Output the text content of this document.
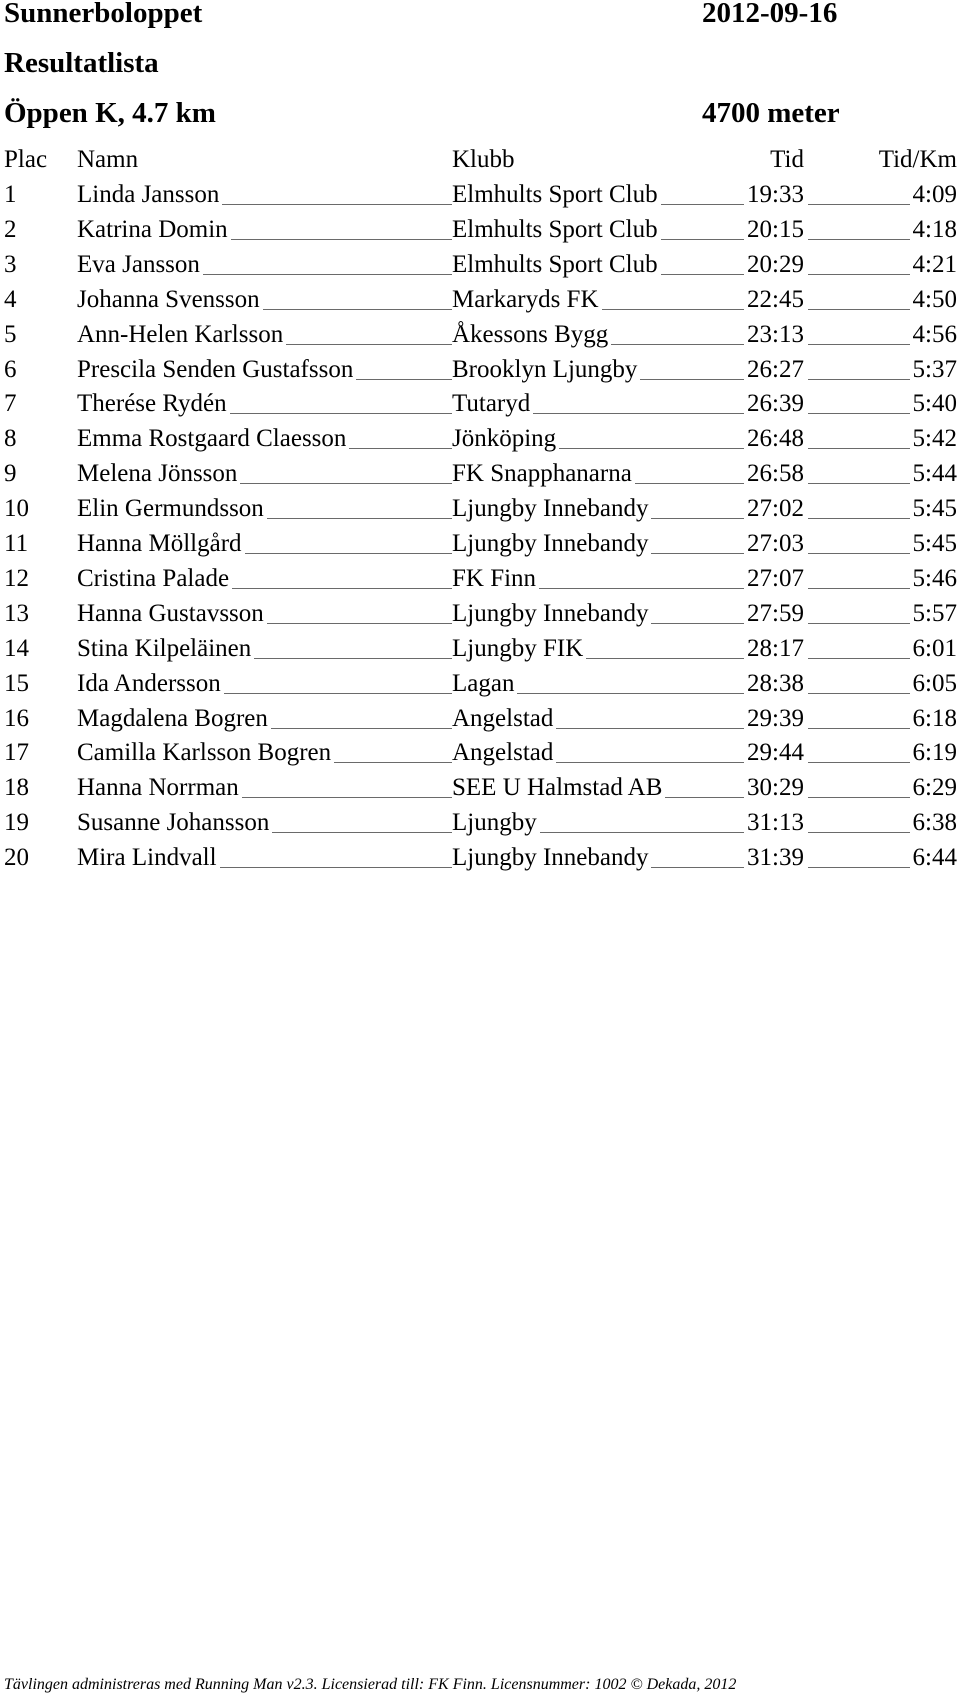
Sunnerboloppet	2012-09-16
Resultatlista
Öppen K, 4.7 km	4700 meter
Plac Namn	Klubb	Tid	Tid/Km
1 Linda Jansson	Elmhults Sport Club	19:33	4:09
2 Katrina Domin	Elmhults Sport Club	20:15	4:18
3 Eva Jansson	Elmhults Sport Club	20:29	4:21
4 Johanna Svensson	Markaryds FK	22:45	4:50
5 Ann-Helen Karlsson	Åkessons Bygg	23:13	4:56
6 Prescila Senden Gustafsson	Brooklyn Ljungby	26:27	5:37
7 Therése Rydén	Tutaryd	26:39	5:40
8 Emma Rostgaard Claesson	Jönköping	26:48	5:42
9 Melena Jönsson	FK Snapphanarna	26:58	5:44
10 Elin Germundsson	Ljungby Innebandy	27:02	5:45
11 Hanna Möllgård	Ljungby Innebandy	27:03	5:45
12 Cristina Palade	FK Finn	27:07	5:46
13 Hanna Gustavsson	Ljungby Innebandy	27:59	5:57
14 Stina Kilpeläinen	Ljungby FIK	28:17	6:01
15 Ida Andersson	Lagan	28:38	6:05
16 Magdalena Bogren	Angelstad	29:39	6:18
17 Camilla Karlsson Bogren	Angelstad	29:44	6:19
18 Hanna Norrman	SEE U Halmstad AB	30:29	6:29
19 Susanne Johansson	Ljungby	31:13	6:38
20 Mira Lindvall	Ljungby Innebandy	31:39	6:44
Tävlingen administreras med Running Man v2.3. Licensierad till: FK Finn. Licensnummer: 1002 © Dekada, 2012
